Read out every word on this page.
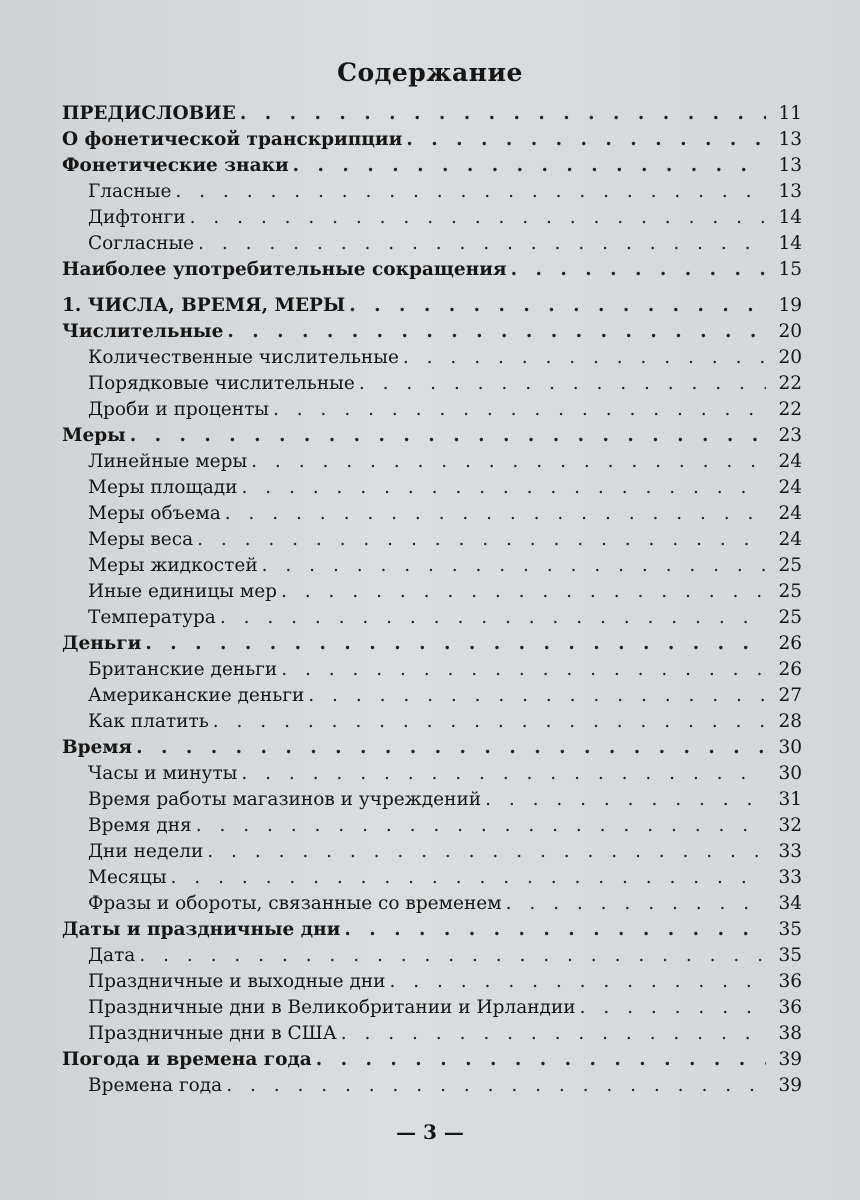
Содержание
ПРЕДИСЛОВИЕ . . .	11
О фонетической транскрипции . . .	13
Фонетические знаки . . .	13
Гласные . . .	13
Дифтонги . . .	14
Согласные . . .	14
Наиболее употребительные сокращения . . .	15
1. ЧИСЛА, ВРЕМЯ, МЕРЫ . . .	19
Числительные . . .	20
Количественные числительные . . .	20
Порядковые числительные . . .	22
Дроби и проценты . . .	22
Меры . . .	23
Линейные меры . . .	24
Меры площади . . .	24
Меры объема . . .	24
Меры веса . . .	24
Меры жидкостей . . .	25
Иные единицы мер . . .	25
Температура . . .	25
Деньги . . .	26
Британские деньги . . .	26
Американские деньги . . .	27
Как платить . . .	28
Время . . .	30
Часы и минуты . . .	30
Время работы магазинов и учреждений . . .	31
Время дня . . .	32
Дни недели . . .	33
Месяцы . . .	33
Фразы и обороты, связанные со временем . . .	34
Даты и праздничные дни . . .	35
Дата . . .	35
Праздничные и выходные дни . . .	36
Праздничные дни в Великобритании и Ирландии . . .	36
Праздничные дни в США . . .	38
Погода и времена года . . .	39
Времена года . . .	39
— 3 —
